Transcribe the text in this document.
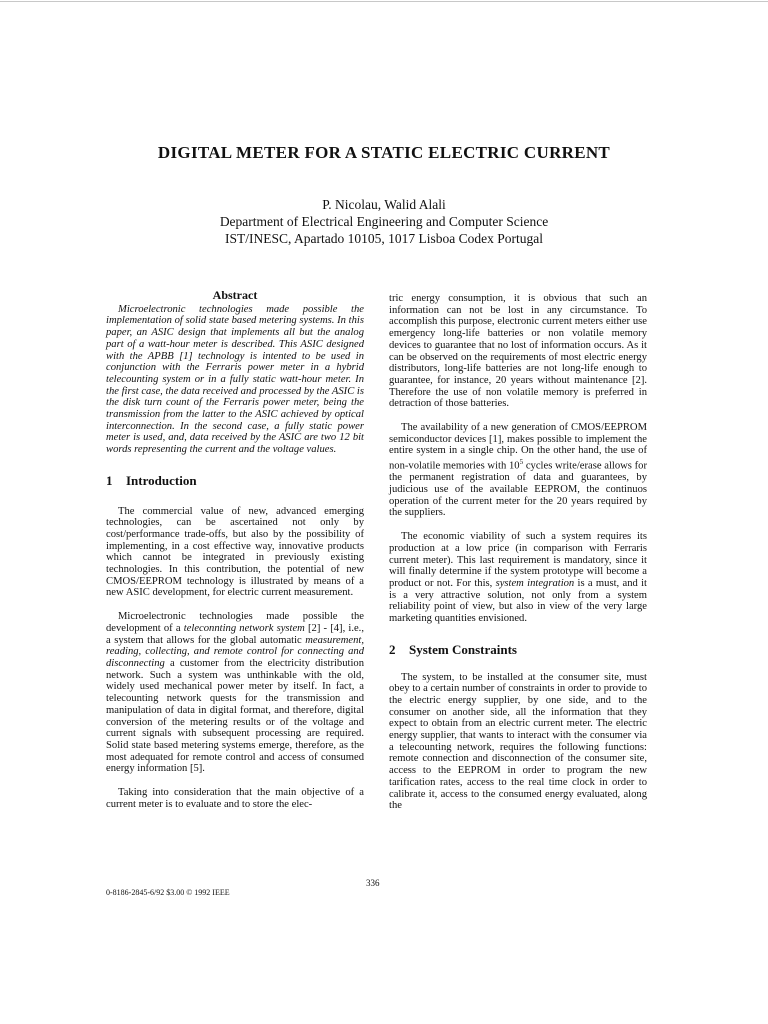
DIGITAL METER FOR A STATIC ELECTRIC CURRENT
P. Nicolau, Walid Alali
Department of Electrical Engineering and Computer Science
IST/INESC, Apartado 10105, 1017 Lisboa Codex Portugal
Abstract

Microelectronic technologies made possible the implementation of solid state based metering systems. In this paper, an ASIC design that implements all but the analog part of a watt-hour meter is described. This ASIC designed with the APBB [1] technology is intented to be used in conjunction with the Ferraris power meter in a hybrid telecounting system or in a fully static watt-hour meter. In the first case, the data received and processed by the ASIC is the disk turn count of the Ferraris power meter, being the transmission from the latter to the ASIC achieved by optical interconnection. In the second case, a fully static power meter is used, and, data received by the ASIC are two 12 bit words representing the current and the voltage values.

1 Introduction

The commercial value of new, advanced emerging technologies, can be ascertained not only by cost/performance trade-offs, but also by the possibility of implementing, in a cost effective way, innovative products which cannot be integrated in previously existing technologies. In this contribution, the potential of new CMOS/EEPROM technology is illustrated by means of a new ASIC development, for electric current measurement.

Microelectronic technologies made possible the development of a teleconnting network system [2] - [4], i.e., a system that allows for the global automatic measurement, reading, collecting, and remote control for connecting and disconnecting a customer from the electricity distribution network. Such a system was unthinkable with the old, widely used mechanical power meter by itself. In fact, a telecounting network quests for the transmission and manipulation of data in digital format, and therefore, digital conversion of the metering results or of the voltage and current signals with subsequent processing are required. Solid state based metering systems emerge, therefore, as the most adequated for remote control and access of consumed energy information [5].

Taking into consideration that the main objective of a current meter is to evaluate and to store the elec-

tric energy consumption, it is obvious that such an information can not be lost in any circumstance. To accomplish this purpose, electronic current meters either use emergency long-life batteries or non volatile memory devices to guarantee that no lost of information occurs. As it can be observed on the requirements of most electric energy distributors, long-life batteries are not long-life enough to guarantee, for instance, 20 years without maintenance [2]. Therefore the use of non volatile memory is preferred in detraction of those batteries.

The availability of a new generation of CMOS/EEPROM semiconductor devices [1], makes possible to implement the entire system in a single chip. On the other hand, the use of non-volatile memories with $10^5$ cycles write/erase allows for the permanent registration of data and guarantees, by judicious use of the available EEPROM, the continuos operation of the current meter for the 20 years required by the suppliers.

The economic viability of such a system requires its production at a low price (in comparison with Ferraris current meter). This last requirement is mandatory, since it will finally determine if the system prototype will become a product or not. For this, system integration is a must, and it is a very attractive solution, not only from a system reliability point of view, but also in view of the very large marketing quantities envisioned.

2 System Constraints

The system, to be installed at the consumer site, must obey to a certain number of constraints in order to provide to the electric energy supplier, by one side, and to the consumer on another side, all the information that they expect to obtain from an electric current meter. The electric energy supplier, that wants to interact with the consumer via a telecounting network, requires the following functions: remote connection and disconnection of the consumer site, access to the EEPROM in order to program the new tarification rates, access to the real time clock in order to calibrate it, access to the consumed energy evaluated, along the

336
0-8186-2845-6/92 $3.00 © 1992 IEEE
